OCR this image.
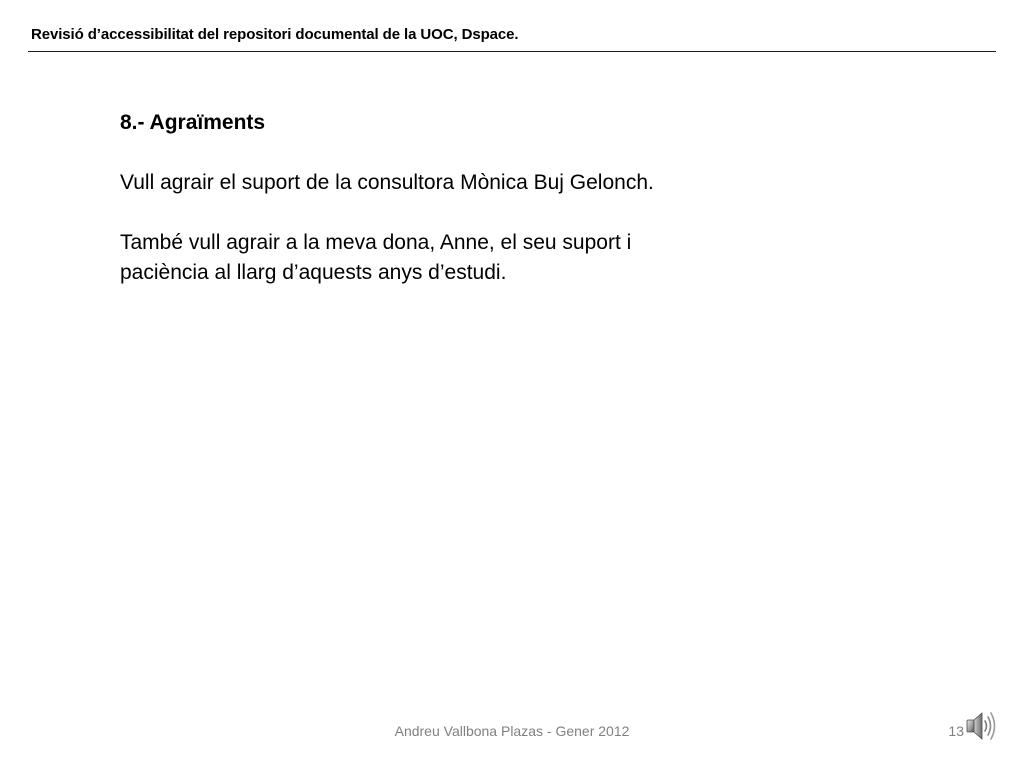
Revisió d’accessibilitat del repositori documental de la UOC, Dspace.
8.- Agraïments
Vull agrair el suport de la consultora Mònica Buj Gelonch.
També vull agrair a la meva dona, Anne, el seu suport i paciència al llarg d’aquests anys d’estudi.
Andreu Vallbona Plazas - Gener 2012	13
